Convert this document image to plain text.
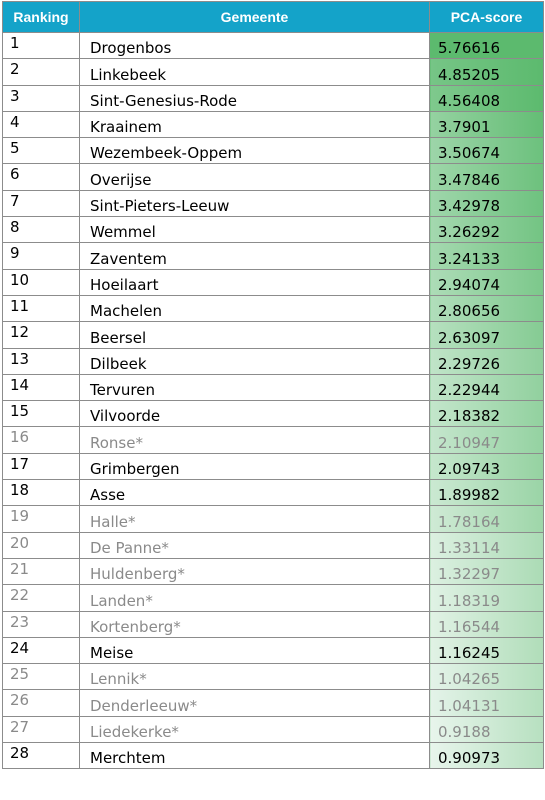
Ranking	Gemeente	PCA-score
1	Drogenbos	5.76616
2	Linkebeek	4.85205
3	Sint-Genesius-Rode	4.56408
4	Kraainem	3.7901
5	Wezembeek-Oppem	3.50674
6	Overijse	3.47846
7	Sint-Pieters-Leeuw	3.42978
8	Wemmel	3.26292
9	Zaventem	3.24133
10	Hoeilaart	2.94074
11	Machelen	2.80656
12	Beersel	2.63097
13	Dilbeek	2.29726
14	Tervuren	2.22944
15	Vilvoorde	2.18382
16	Ronse*	2.10947
17	Grimbergen	2.09743
18	Asse	1.89982
19	Halle*	1.78164
20	De Panne*	1.33114
21	Huldenberg*	1.32297
22	Landen*	1.18319
23	Kortenberg*	1.16544
24	Meise	1.16245
25	Lennik*	1.04265
26	Denderleeuw*	1.04131
27	Liedekerke*	0.9188
28	Merchtem	0.90973
